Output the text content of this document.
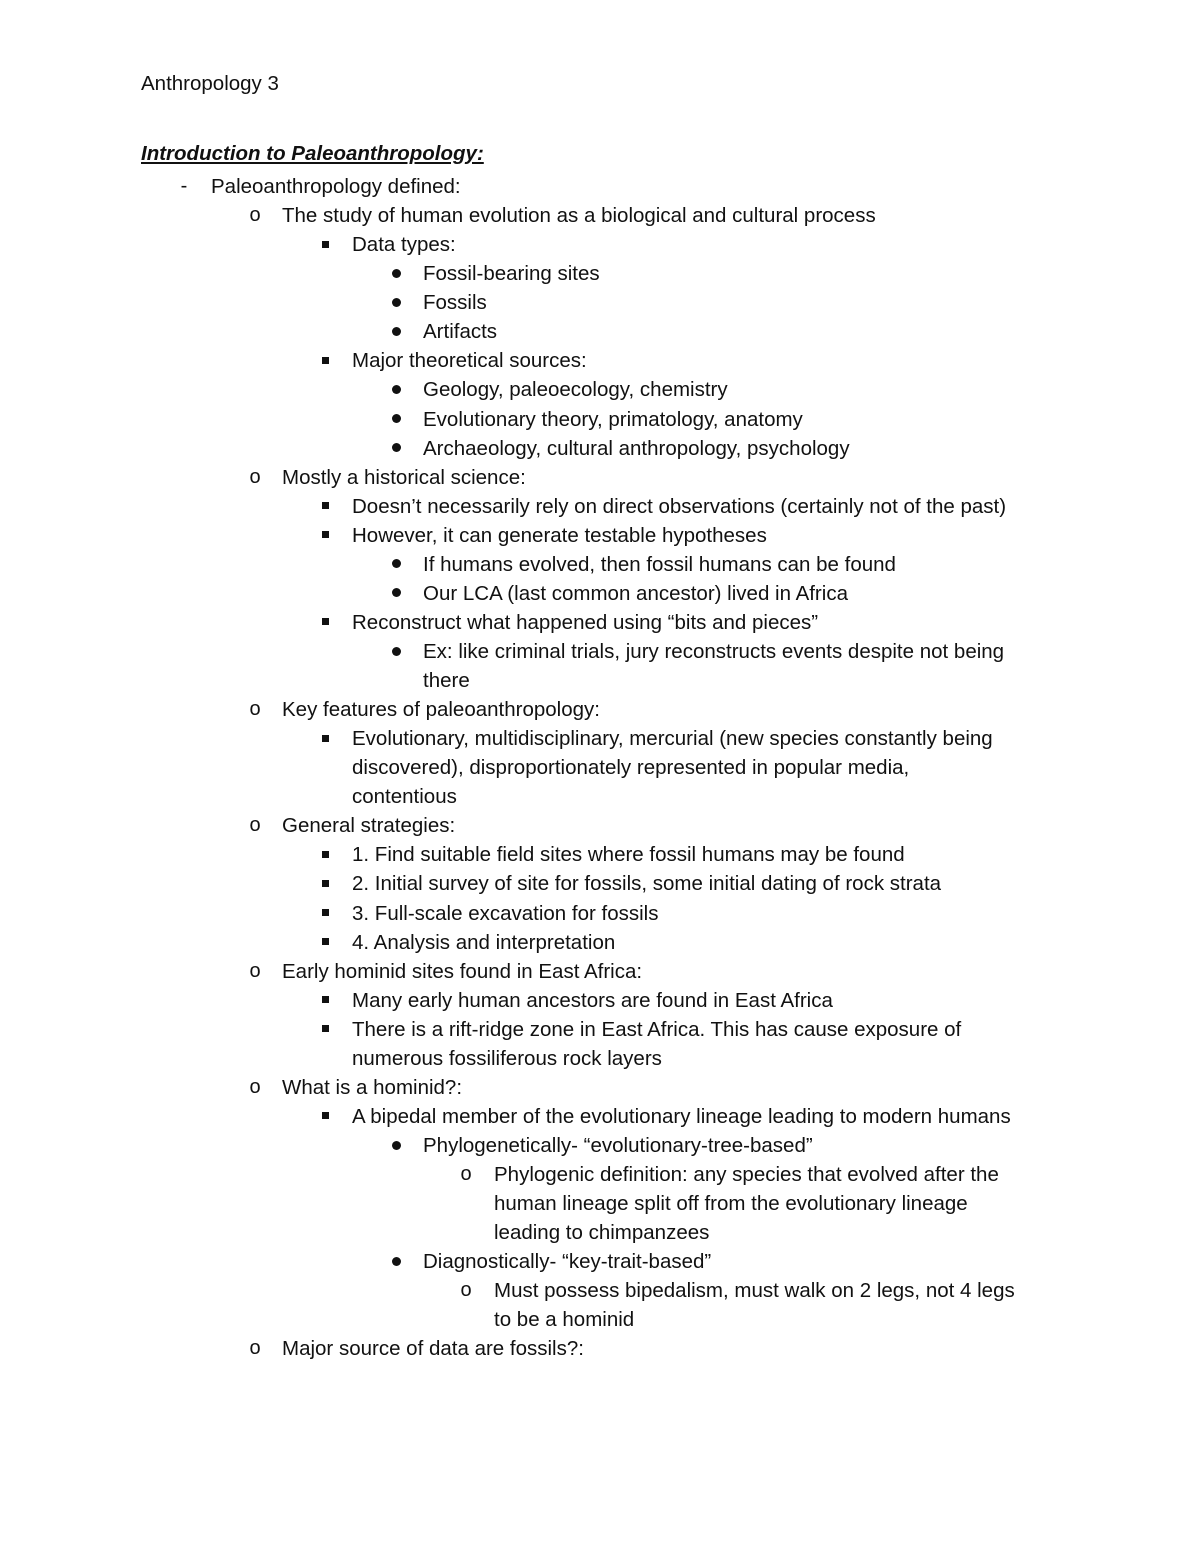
Anthropology 3
Introduction to Paleoanthropology:
-	Paleoanthropology defined:
o	The study of human evolution as a biological and cultural process
Data types:
Fossil-bearing sites
Fossils
Artifacts
Major theoretical sources:
Geology, paleoecology, chemistry
Evolutionary theory, primatology, anatomy
Archaeology, cultural anthropology, psychology
o	Mostly a historical science:
Doesn’t necessarily rely on direct observations (certainly not of the past)
However, it can generate testable hypotheses
If humans evolved, then fossil humans can be found
Our LCA (last common ancestor) lived in Africa
Reconstruct what happened using “bits and pieces”
Ex: like criminal trials, jury reconstructs events despite not being
there
o	Key features of paleoanthropology:
Evolutionary, multidisciplinary, mercurial (new species constantly being
discovered), disproportionately represented in popular media,
contentious
o	General strategies:
1. Find suitable field sites where fossil humans may be found
2. Initial survey of site for fossils, some initial dating of rock strata
3. Full-scale excavation for fossils
4. Analysis and interpretation
o	Early hominid sites found in East Africa:
Many early human ancestors are found in East Africa
There is a rift-ridge zone in East Africa. This has cause exposure of
numerous fossiliferous rock layers
o	What is a hominid?:
A bipedal member of the evolutionary lineage leading to modern humans
Phylogenetically- “evolutionary-tree-based”
o	Phylogenic definition: any species that evolved after the
human lineage split off from the evolutionary lineage
leading to chimpanzees
Diagnostically- “key-trait-based”
o	Must possess bipedalism, must walk on 2 legs, not 4 legs
to be a hominid
o	Major source of data are fossils?:
